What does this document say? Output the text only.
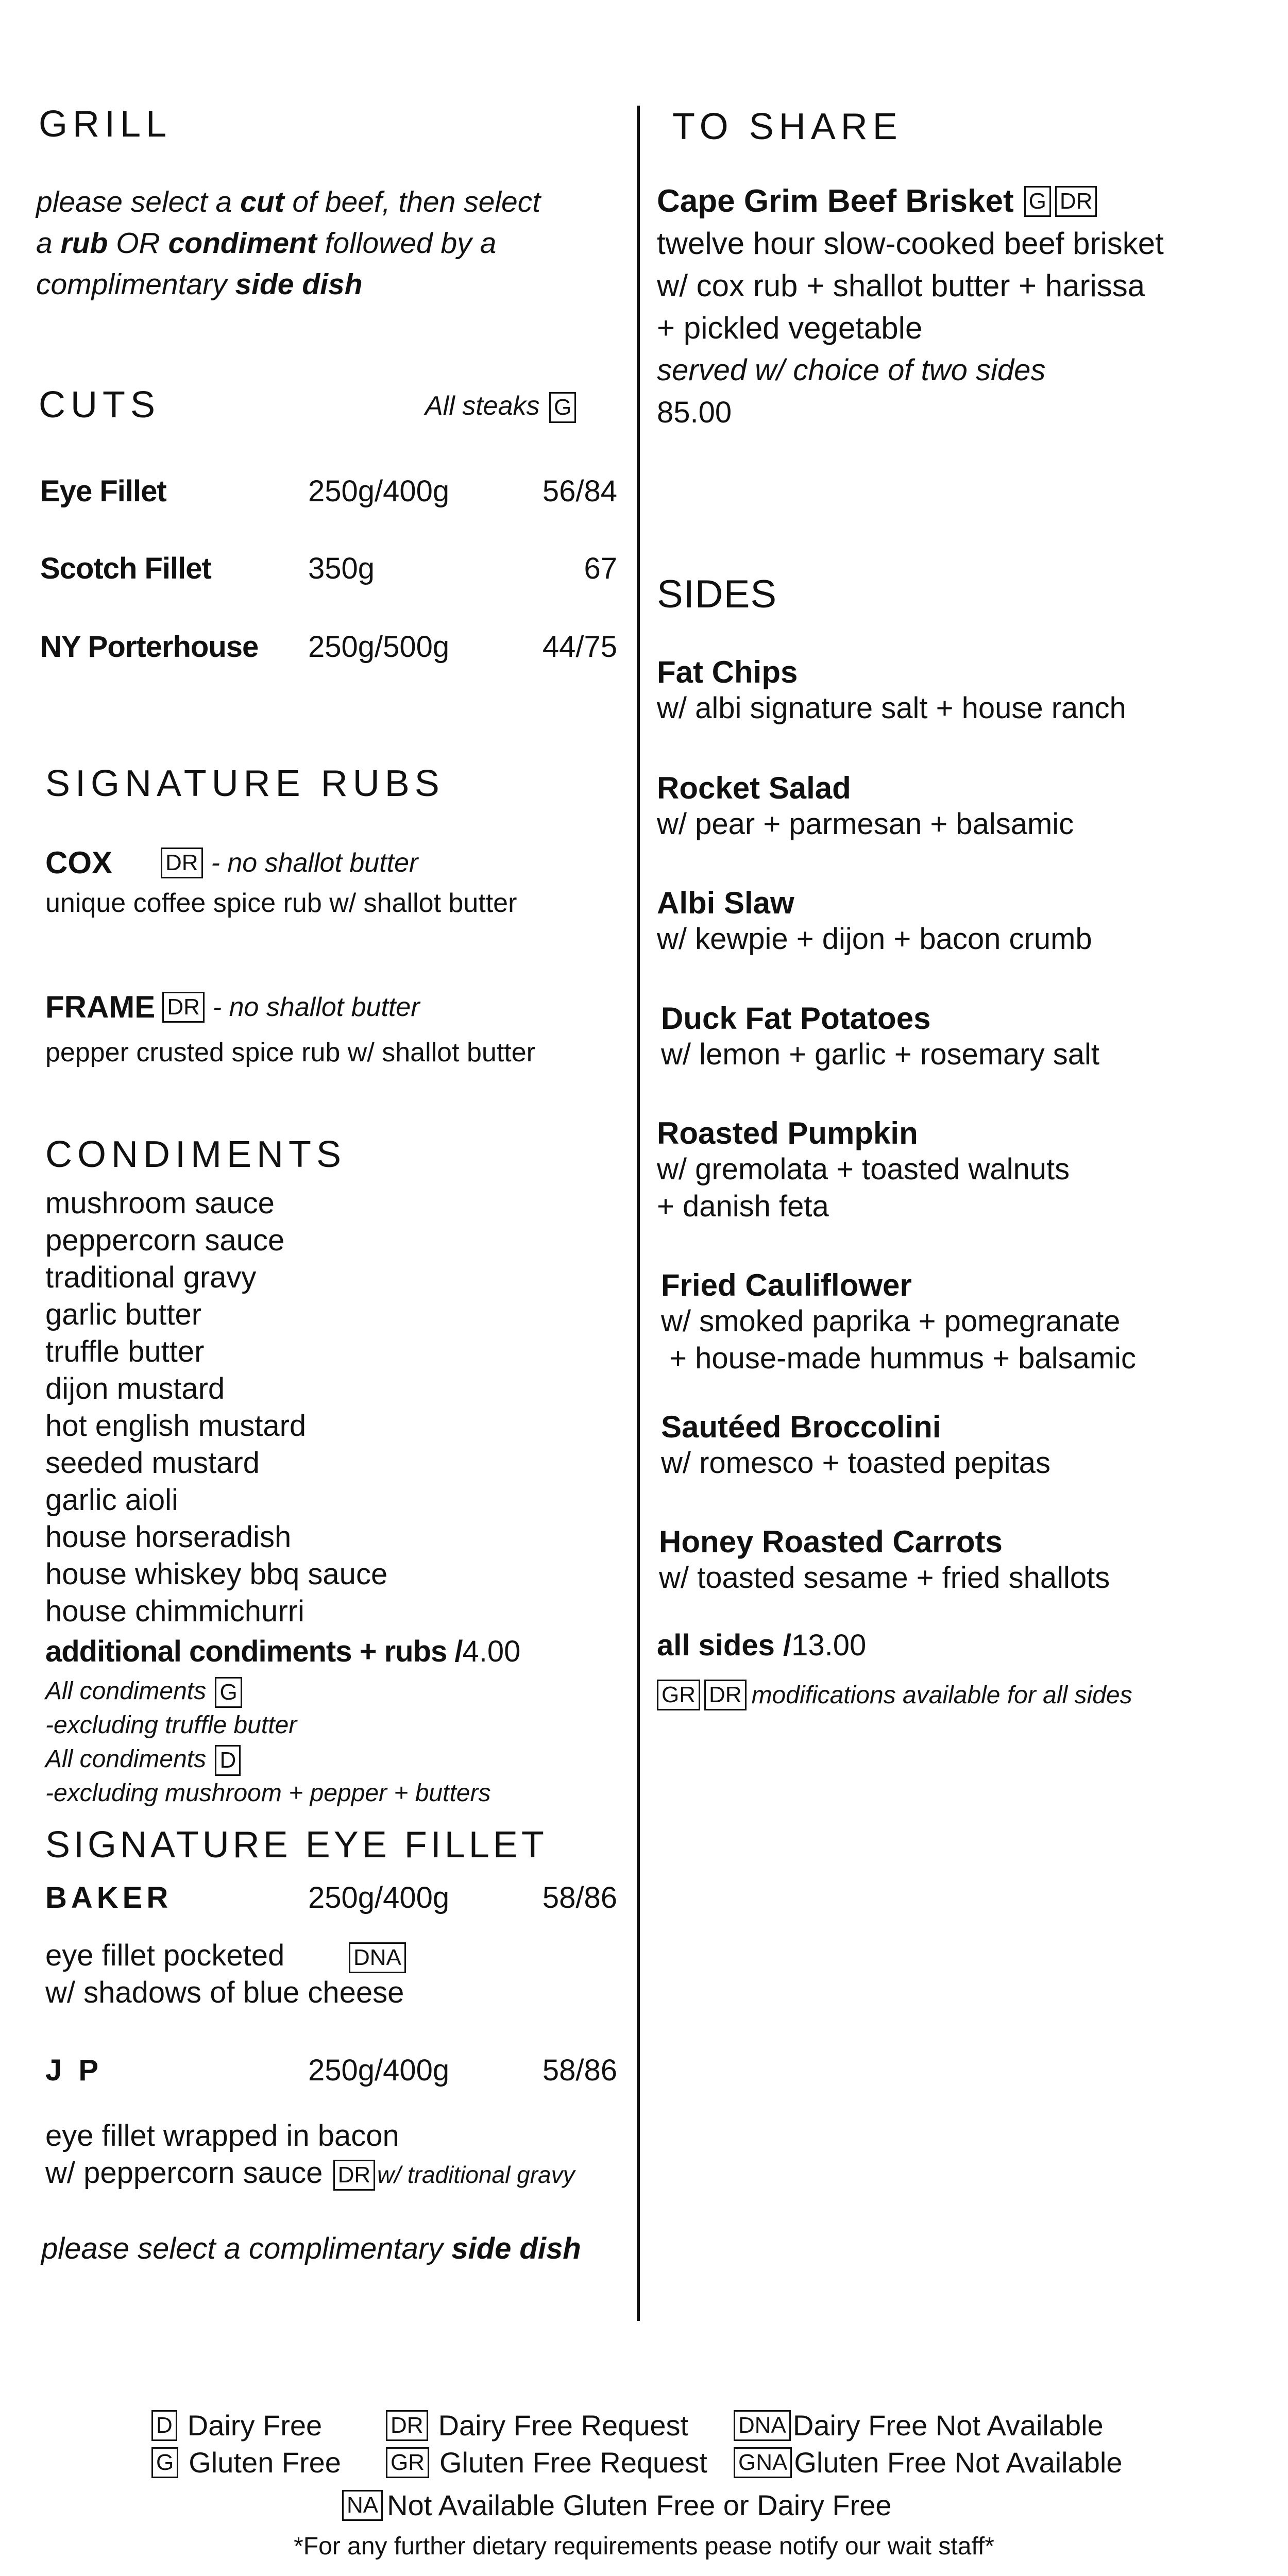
GRILL
please select a cut of beef, then select
a rub OR condiment followed by a
complimentary side dish
CUTS	All steaks G
Eye Fillet	250g/400g	56/84
Scotch Fillet	350g	67
NY Porterhouse	250g/500g	44/75
SIGNATURE RUBS
COX	DR - no shallot butter
unique coffee spice rub w/ shallot butter
FRAME DR - no shallot butter
pepper crusted spice rub w/ shallot butter
CONDIMENTS
mushroom sauce
peppercorn sauce
traditional gravy
garlic butter
truffle butter
dijon mustard
hot english mustard
seeded mustard
garlic aioli
house horseradish
house whiskey bbq sauce
house chimmichurri
additional condiments + rubs /4.00
All condiments G
-excluding truffle butter
All condiments D
-excluding mushroom + pepper + butters
SIGNATURE EYE FILLET
BAKER	250g/400g	58/86
eye fillet pocketed	DNA
w/ shadows of blue cheese
J P	250g/400g	58/86
eye fillet wrapped in bacon
w/ peppercorn sauce DR w/ traditional gravy
please select a complimentary side dish
TO SHARE
Cape Grim Beef Brisket G DR
twelve hour slow-cooked beef brisket
w/ cox rub + shallot butter + harissa
+ pickled vegetable
served w/ choice of two sides
85.00
SIDES
Fat Chips
w/ albi signature salt + house ranch
Rocket Salad
w/ pear + parmesan + balsamic
Albi Slaw
w/ kewpie + dijon + bacon crumb
Duck Fat Potatoes
w/ lemon + garlic + rosemary salt
Roasted Pumpkin
w/ gremolata + toasted walnuts
+ danish feta
Fried Cauliflower
w/ smoked paprika + pomegranate
+ house-made hummus + balsamic
Sautéed Broccolini
w/ romesco + toasted pepitas
Honey Roasted Carrots
w/ toasted sesame + fried shallots
all sides /13.00
GR DR modifications available for all sides
D Dairy Free	DR Dairy Free Request DNA Dairy Free Not Available
G Gluten Free GR Gluten Free Request GNA Gluten Free Not Available
NA Not Available Gluten Free or Dairy Free
*For any further dietary requirements pease notify our wait staff*
